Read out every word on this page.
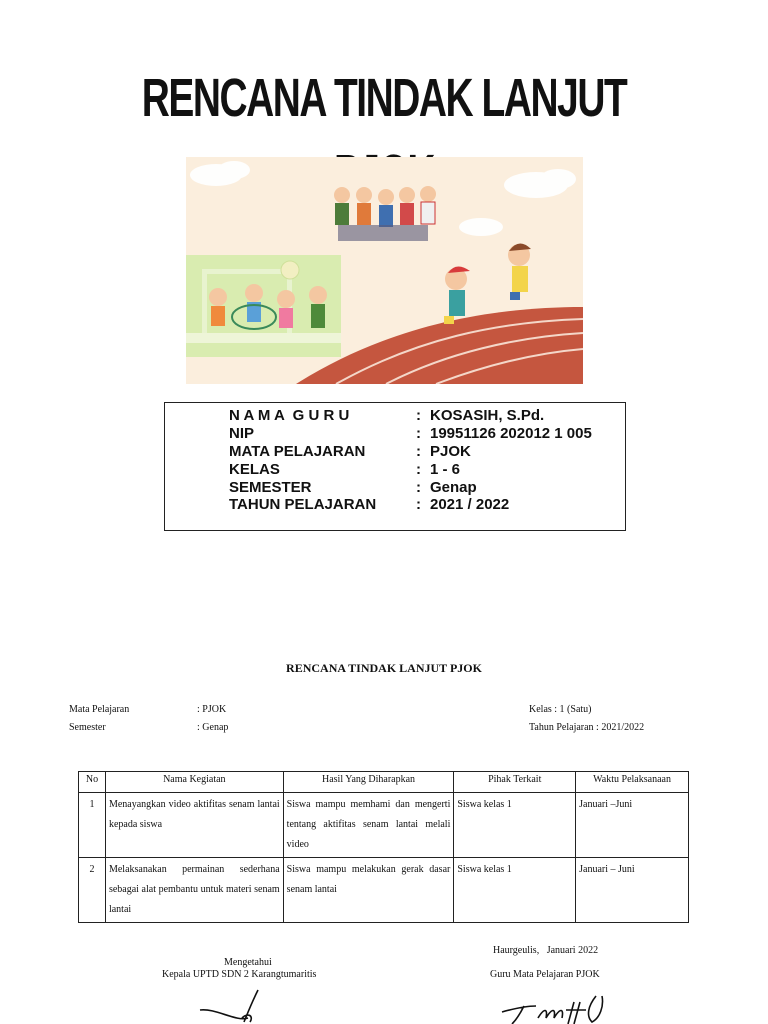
RENCANA TINDAK LANJUT
N A M A  G U R U	: KOSASIH, S.Pd.
NIP	: 19951126 202012 1 005
MATA PELAJARAN	: PJOK
KELAS	: 1 - 6
SEMESTER	: Genap
TAHUN PELAJARAN	: 2021 / 2022
RENCANA TINDAK LANJUT PJOK
Mata Pelajaran	: PJOK
Semester	: Genap
Kelas : 1 (Satu)
Tahun Pelajaran : 2021/2022
No	Nama Kegiatan	Hasil Yang Diharapkan	Pihak Terkait	Waktu Pelaksanaan
1	Menayangkan video aktifitas senam lantai kepada siswa	Siswa mampu memhami dan mengerti tentang aktifitas senam lantai melali video	Siswa kelas 1	Januari –Juni
2	Melaksanakan permainan sederhana sebagai alat pembantu untuk materi senam lantai	Siswa mampu melakukan gerak dasar senam lantai	Siswa kelas 1	Januari – Juni
Haurgeulis,   Januari 2022
Mengetahui
Kepala UPTD SDN 2 Karangtumaritis	Guru Mata Pelajaran PJOK
